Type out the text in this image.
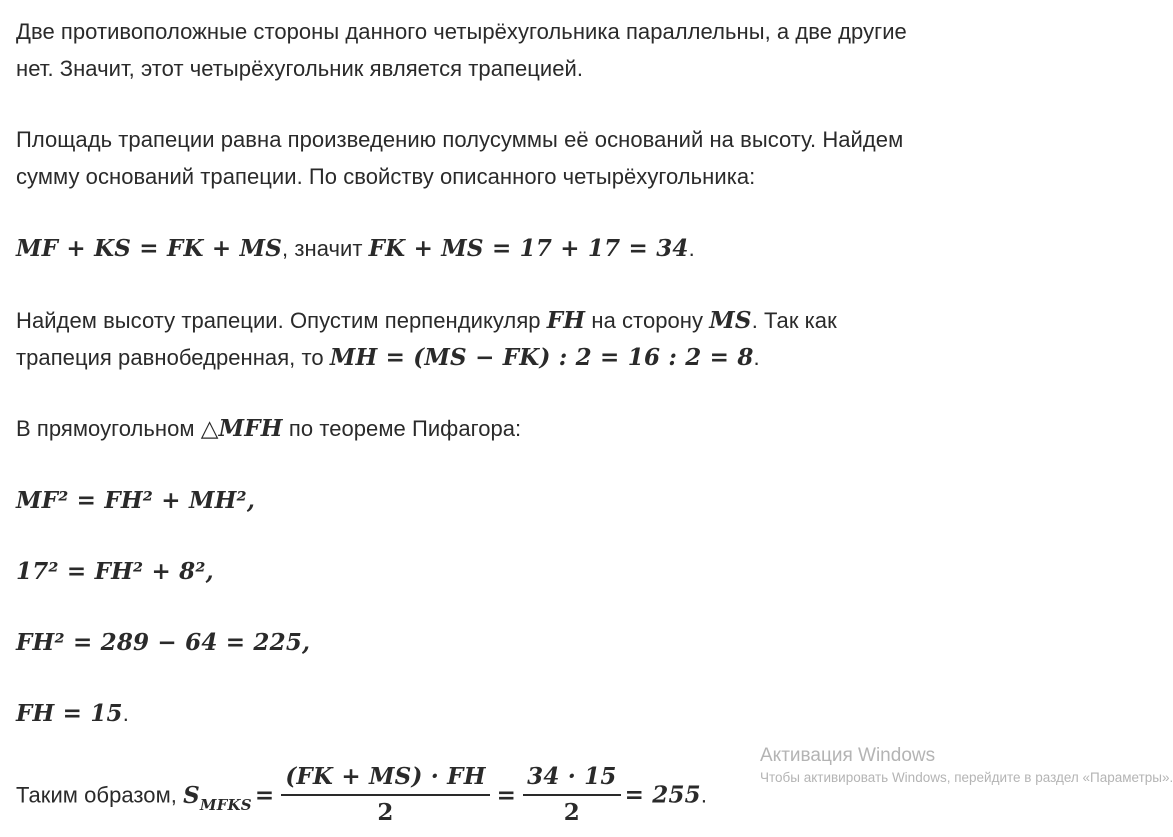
Две противоположные стороны данного четырёхугольника параллельны, а две другие
нет. Значит, этот четырёхугольник является трапецией.
Площадь трапеции равна произведению полусуммы её оснований на высоту. Найдем
сумму оснований трапеции. По свойству описанного четырёхугольника:
MF + KS = FK + MS, значит FK + MS = 17 + 17 = 34.
Найдем высоту трапеции. Опустим перпендикуляр FH на сторону MS. Так как
трапеция равнобедренная, то MH = (MS − FK) : 2 = 16 : 2 = 8.
В прямоугольном △MFH по теореме Пифагора:
MF² = FH² + MH²,
17² = FH² + 8²,
FH² = 289 − 64 = 225,
FH = 15.
Таким образом, $S_{MFKS} = \frac{(FK + MS) \cdot FH}{2} = \frac{34 \cdot 15}{2} = 255$.
Активация Windows
Чтобы активировать Windows, перейдите в раздел «Параметры».
